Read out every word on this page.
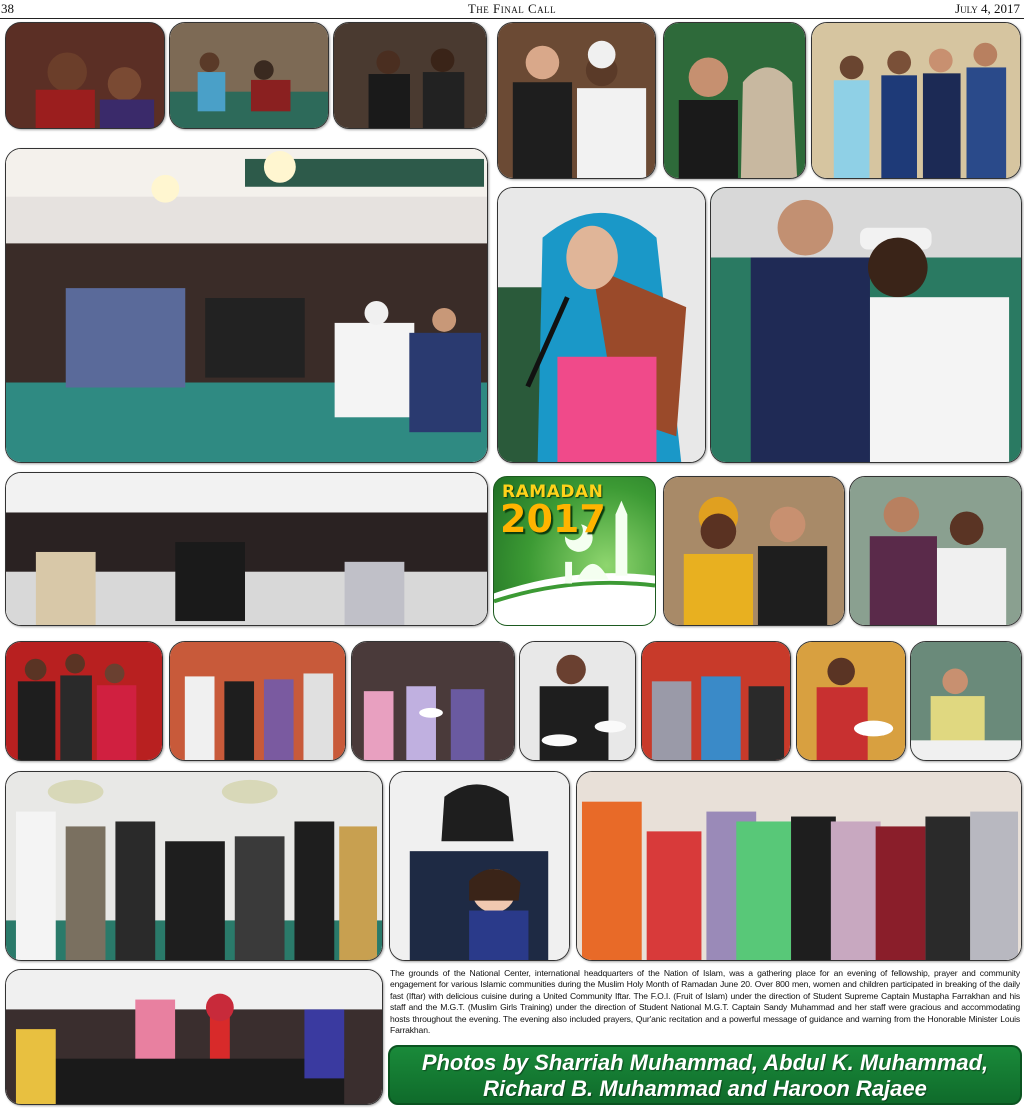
38	The Final Call	July 4, 2017
RAMADAN
2017
The grounds of the National Center, international headquarters of the Nation of Islam, was a gathering place for an evening of fellowship, prayer and community engagement for various Islamic communities during the Muslim Holy Month of Ramadan June 20. Over 800 men, women and children participated in breaking of the daily fast (Iftar) with delicious cuisine during a United Community Iftar. The F.O.I. (Fruit of Islam) under the direction of Student Supreme Captain Mustapha Farrakhan and his staff and the M.G.T. (Muslim Girls Training) under the direction of Student National M.G.T. Captain Sandy Muhammad and her staff were gracious and accommodating hosts throughout the evening. The evening also included prayers, Qur'anic recitation and a powerful message of guidance and warning from the Honorable Minister Louis Farrakhan.
Photos by Sharriah Muhammad, Abdul K. Muhammad,
Richard B. Muhammad and Haroon Rajaee
